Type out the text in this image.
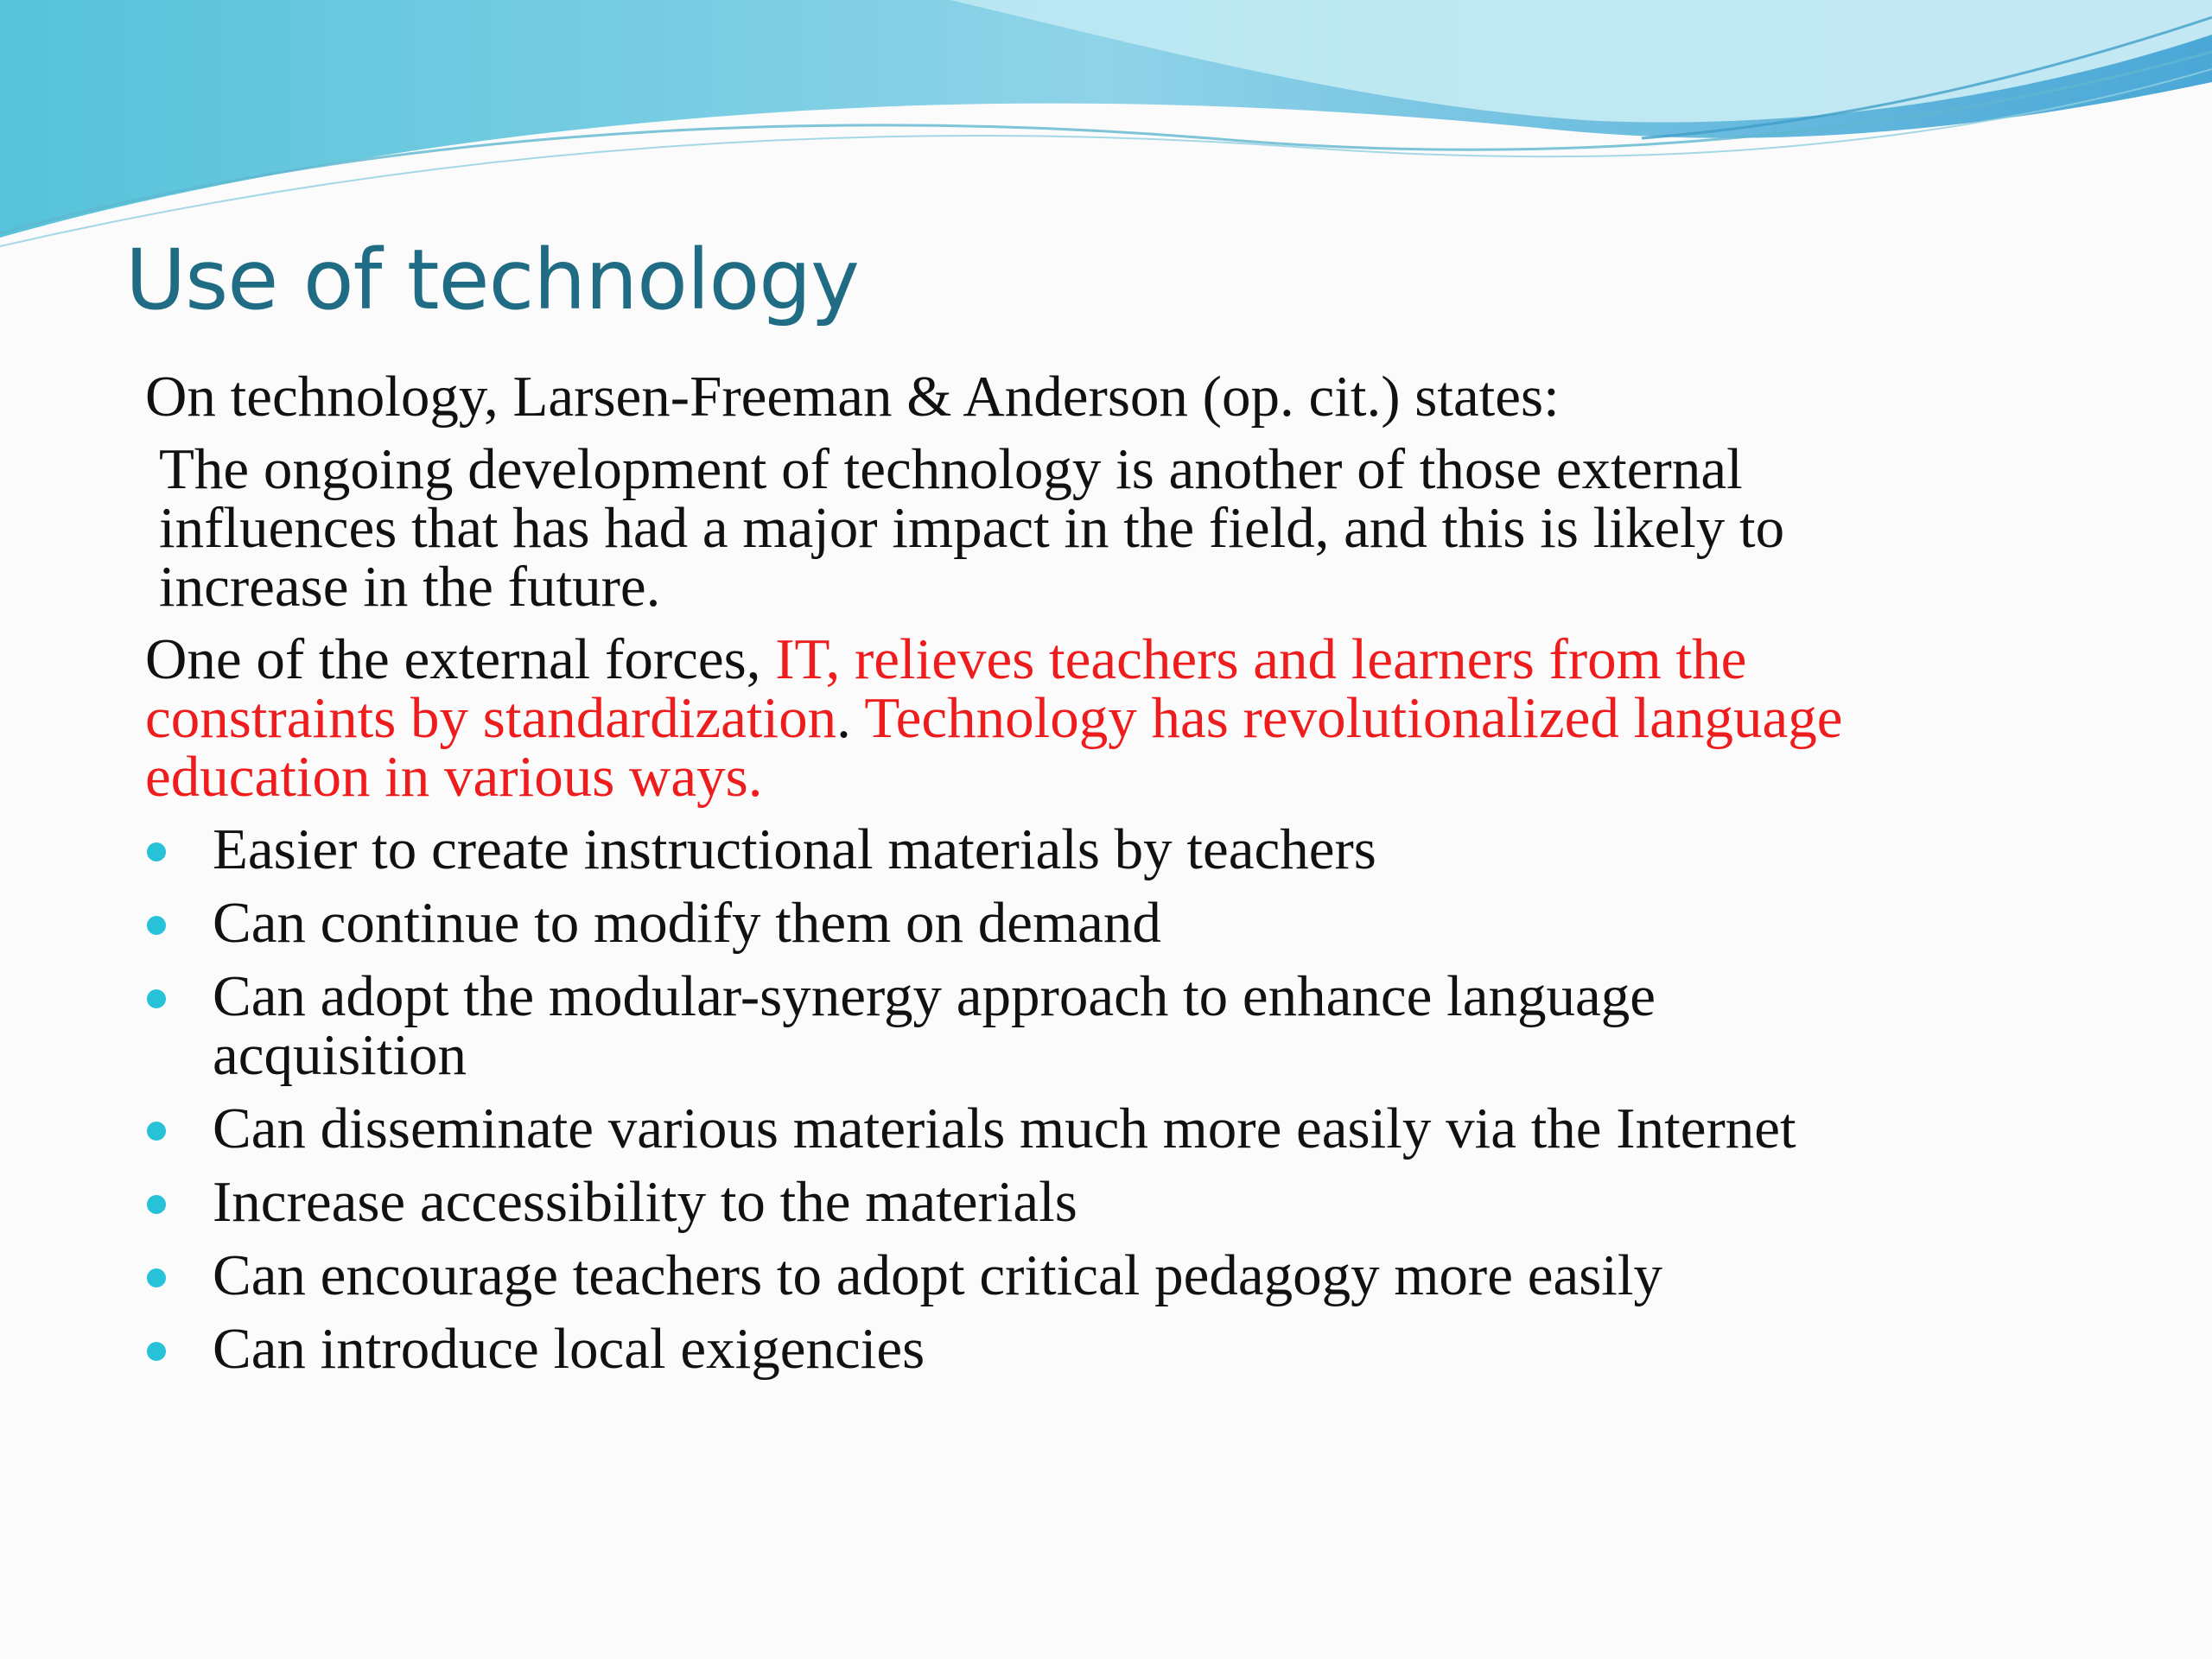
Use of technology

On technology, Larsen-Freeman & Anderson (op. cit.) states:

The ongoing development of technology is another of those external influences that has had a major impact in the field, and this is likely to increase in the future.

One of the external forces, IT, relieves teachers and learners from the constraints by standardization. Technology has revolutionalized language education in various ways.

Easier to create instructional materials by teachers
Can continue to modify them on demand
Can adopt the modular-synergy approach to enhance language acquisition
Can disseminate various materials much more easily via the Internet
Increase accessibility to the materials
Can encourage teachers to adopt critical pedagogy more easily
Can introduce local exigencies
